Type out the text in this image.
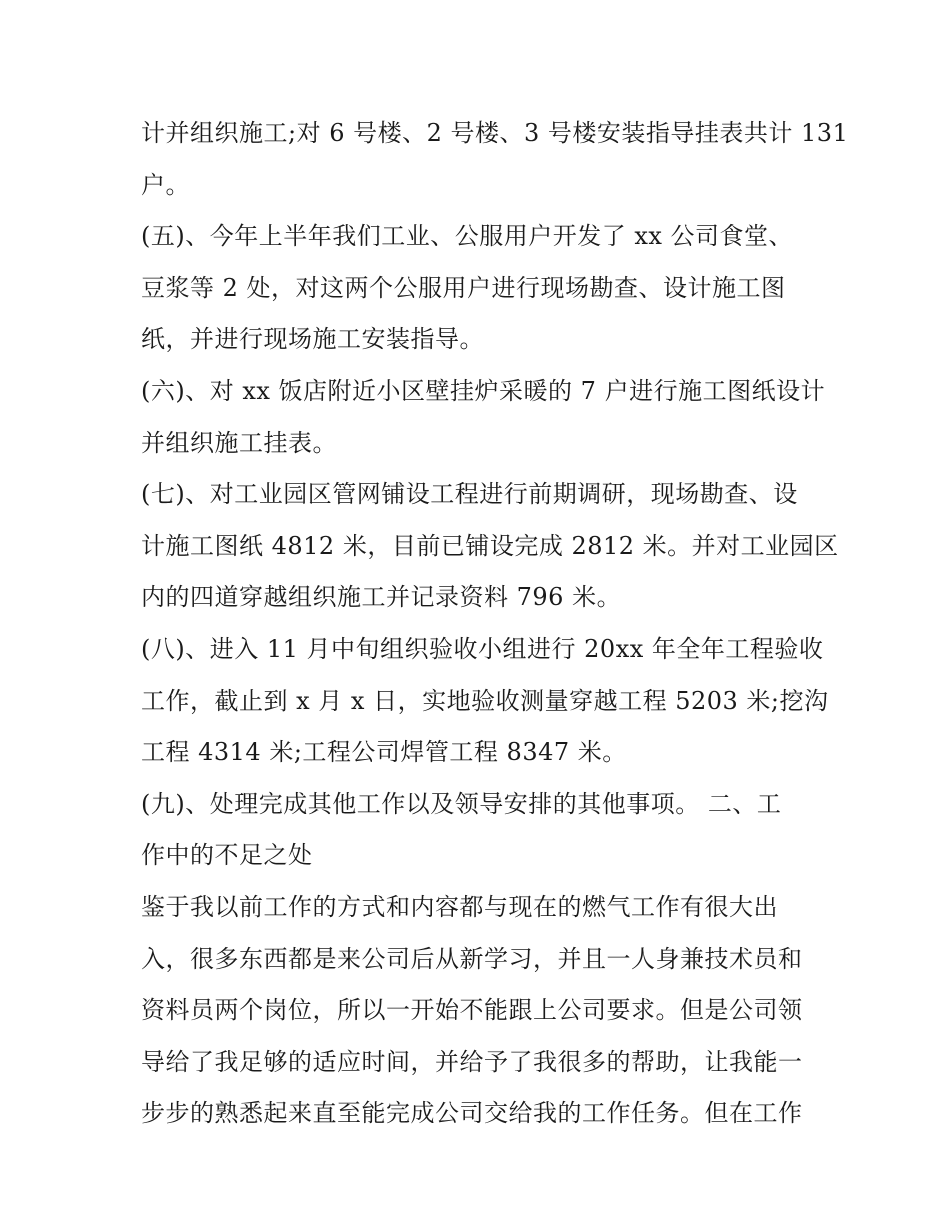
计并组织施工;对 6 号楼、2 号楼、3 号楼安装指导挂表共计 131
户。
(五)、今年上半年我们工业、公服用户开发了 xx 公司食堂、
豆浆等 2 处，对这两个公服用户进行现场勘查、设计施工图
纸，并进行现场施工安装指导。
(六)、对 xx 饭店附近小区壁挂炉采暖的 7 户进行施工图纸设计
并组织施工挂表。
(七)、对工业园区管网铺设工程进行前期调研，现场勘查、设
计施工图纸 4812 米，目前已铺设完成 2812 米。并对工业园区
内的四道穿越组织施工并记录资料 796 米。
(八)、进入 11 月中旬组织验收小组进行 20xx 年全年工程验收
工作，截止到 x 月 x 日，实地验收测量穿越工程 5203 米;挖沟
工程 4314 米;工程公司焊管工程 8347 米。
(九)、处理完成其他工作以及领导安排的其他事项。 二、工
作中的不足之处
鉴于我以前工作的方式和内容都与现在的燃气工作有很大出
入，很多东西都是来公司后从新学习，并且一人身兼技术员和
资料员两个岗位，所以一开始不能跟上公司要求。但是公司领
导给了我足够的适应时间，并给予了我很多的帮助，让我能一
步步的熟悉起来直至能完成公司交给我的工作任务。但在工作
